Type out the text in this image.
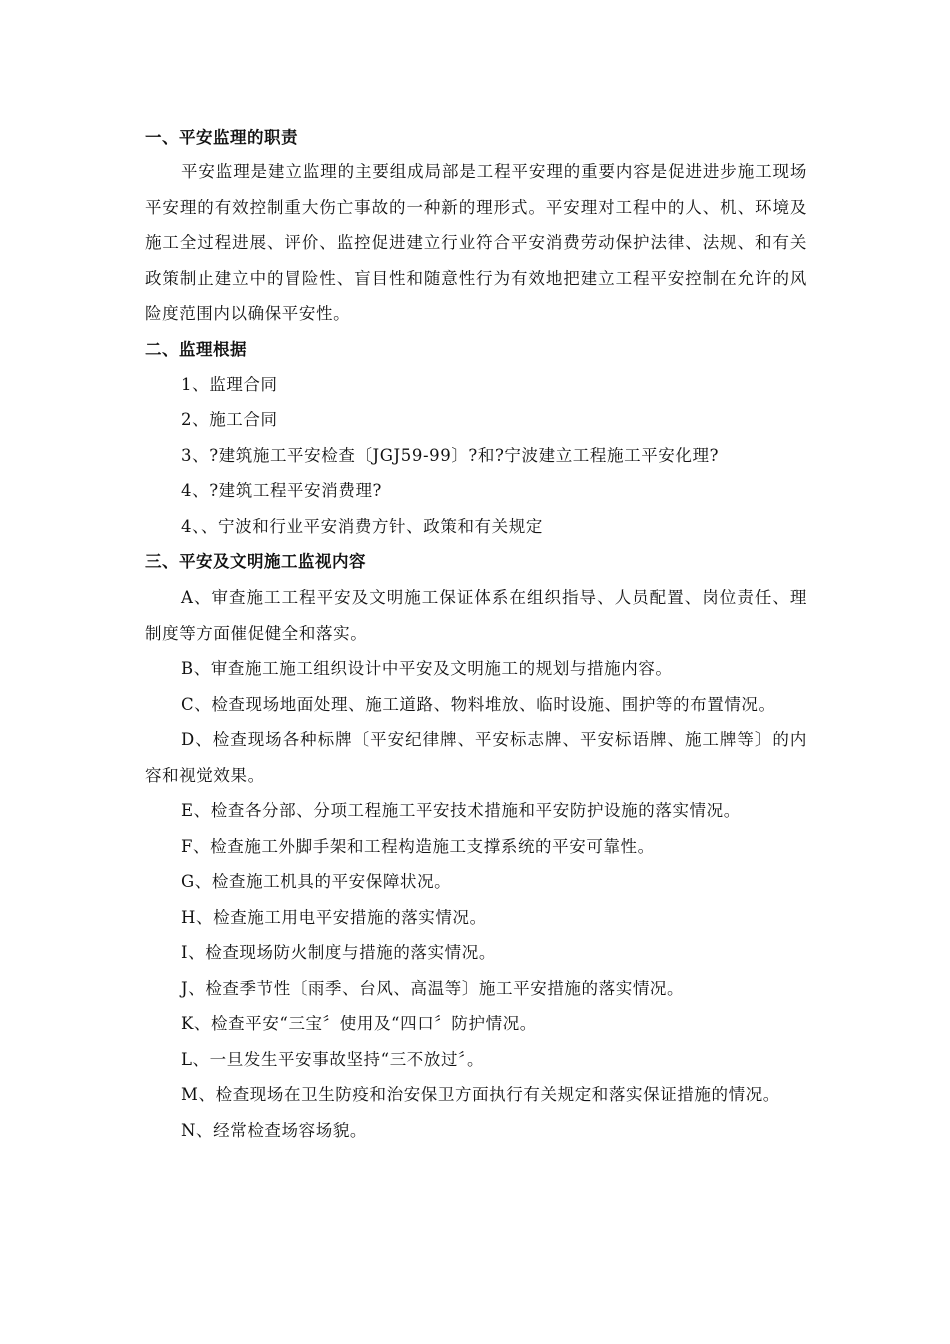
一、平安监理的职责

平安监理是建立监理的主要组成局部是工程平安理的重要内容是促进进步施工现场平安理的有效控制重大伤亡事故的一种新的理形式。平安理对工程中的人、机、环境及施工全过程进展、评价、监控促进建立行业符合平安消费劳动保护法律、法规、和有关政策制止建立中的冒险性、盲目性和随意性行为有效地把建立工程平安控制在允许的风险度范围内以确保平安性。

二、监理根据

1、监理合同

2、施工合同

3、?建筑施工平安检查〔JGJ59-99〕?和?宁波建立工程施工平安化理?

4、?建筑工程平安消费理?

4、、宁波和行业平安消费方针、政策和有关规定

三、平安及文明施工监视内容

A、审查施工工程平安及文明施工保证体系在组织指导、人员配置、岗位责任、理制度等方面催促健全和落实。

B、审查施工施工组织设计中平安及文明施工的规划与措施内容。

C、检查现场地面处理、施工道路、物料堆放、临时设施、围护等的布置情况。

D、检查现场各种标牌〔平安纪律牌、平安标志牌、平安标语牌、施工牌等〕的内容和视觉效果。

E、检查各分部、分项工程施工平安技术措施和平安防护设施的落实情况。

F、检查施工外脚手架和工程构造施工支撑系统的平安可靠性。

G、检查施工机具的平安保障状况。

H、检查施工用电平安措施的落实情况。

I、检查现场防火制度与措施的落实情况。

J、检查季节性〔雨季、台风、高温等〕施工平安措施的落实情况。

K、检查平安“三宝〞使用及“四口〞防护情况。

L、一旦发生平安事故坚持“三不放过〞。

M、检查现场在卫生防疫和治安保卫方面执行有关规定和落实保证措施的情况。

N、经常检查场容场貌。
